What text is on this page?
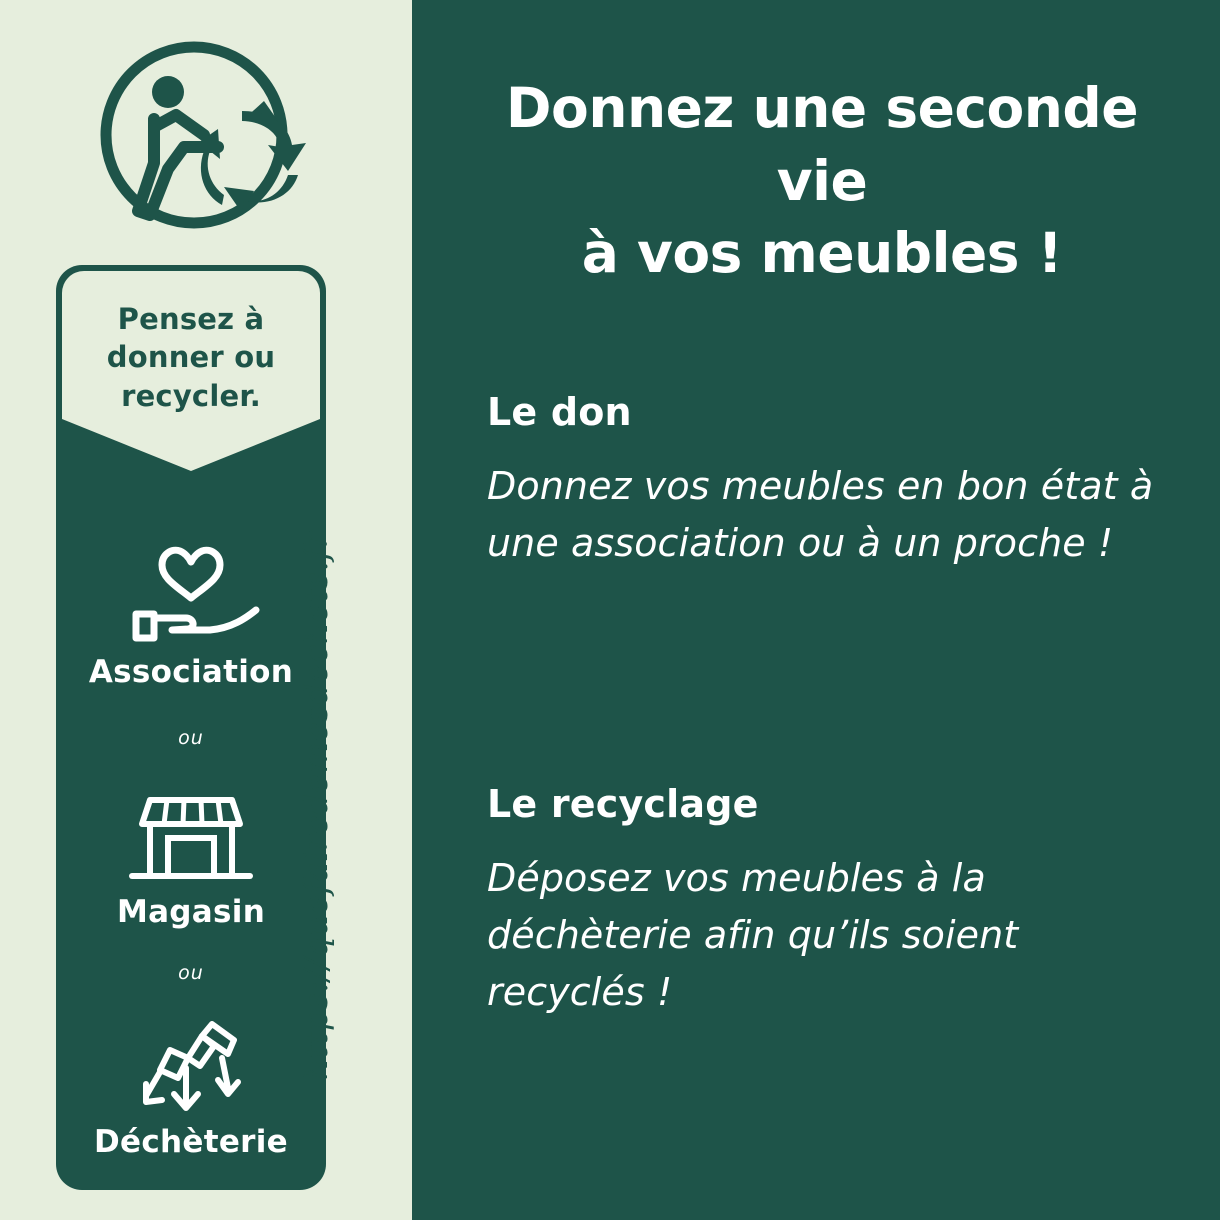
Pensez à
donner ou
recycler.
Association
ou
Magasin
ou
Déchèterie
https://quefairedemesdechets.fr
Donnez une seconde vie
à vos meubles !
Le don
Donnez vos meubles en bon état à une association ou à un proche !
Le recyclage
Déposez vos meubles à la déchèterie afin qu’ils soient recyclés !
